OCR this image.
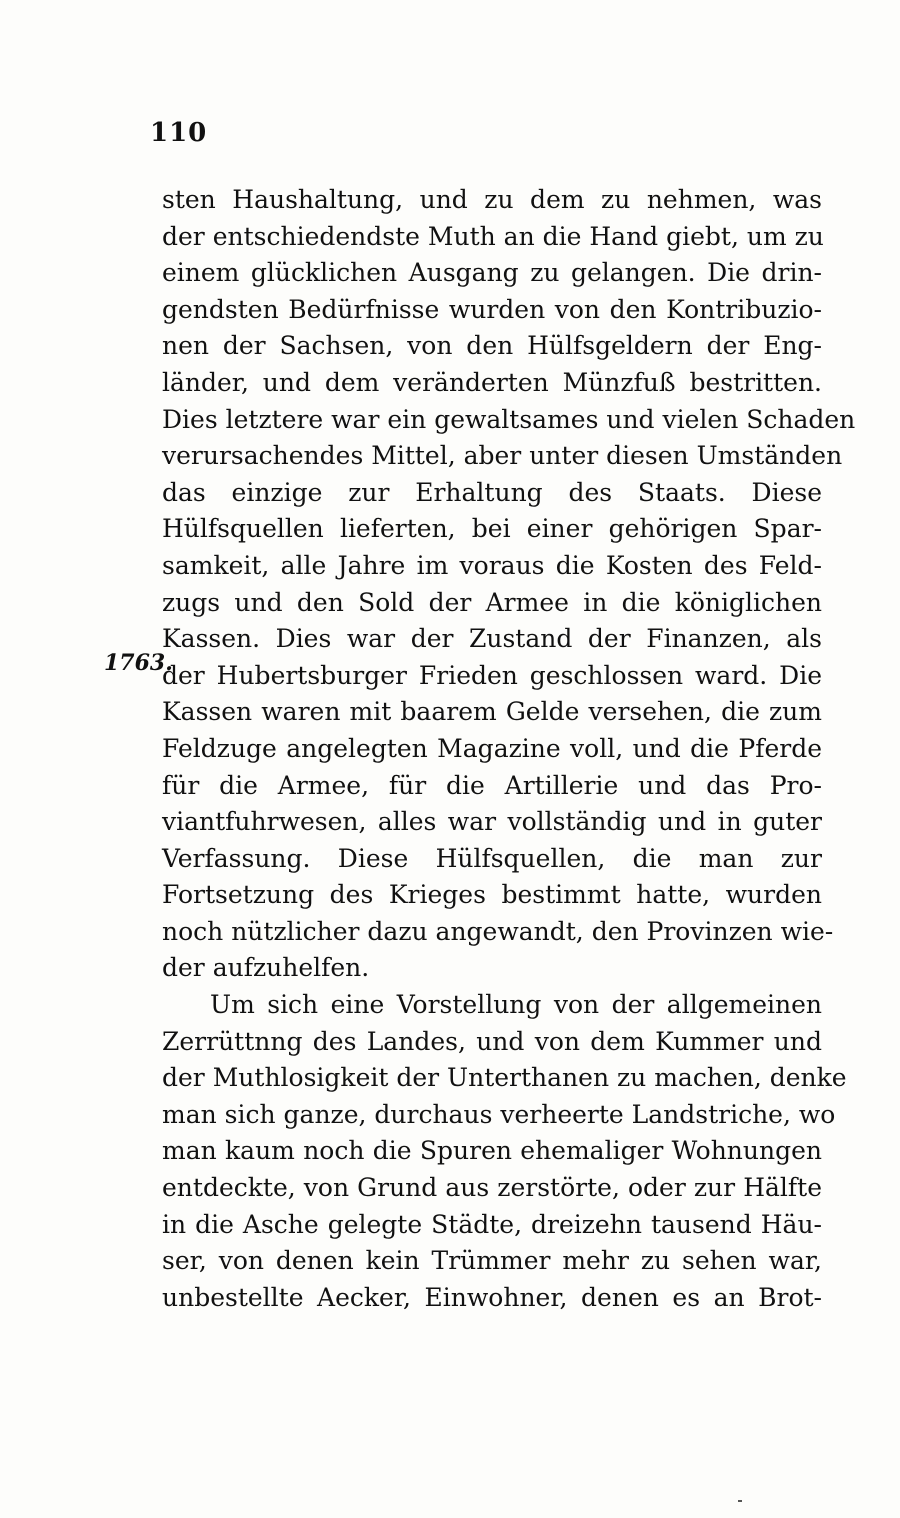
110
1763.
sten Haushaltung, und zu dem zu nehmen, was
der entschiedendste Muth an die Hand giebt, um zu
einem glücklichen Ausgang zu gelangen. Die drin-
gendsten Bedürfnisse wurden von den Kontribuzio-
nen der Sachsen, von den Hülfsgeldern der Eng-
länder, und dem veränderten Münzfuß bestritten.
Dies letztere war ein gewaltsames und vielen Schaden
verursachendes Mittel, aber unter diesen Umständen
das einzige zur Erhaltung des Staats. Diese
Hülfsquellen lieferten, bei einer gehörigen Spar-
samkeit, alle Jahre im voraus die Kosten des Feld-
zugs und den Sold der Armee in die königlichen
Kassen. Dies war der Zustand der Finanzen, als
der Hubertsburger Frieden geschlossen ward. Die
Kassen waren mit baarem Gelde versehen, die zum
Feldzuge angelegten Magazine voll, und die Pferde
für die Armee, für die Artillerie und das Pro-
viantfuhrwesen, alles war vollständig und in guter
Verfassung. Diese Hülfsquellen, die man zur
Fortsetzung des Krieges bestimmt hatte, wurden
noch nützlicher dazu angewandt, den Provinzen wie-
der aufzuhelfen.
Um sich eine Vorstellung von der allgemeinen
Zerrüttnng des Landes, und von dem Kummer und
der Muthlosigkeit der Unterthanen zu machen, denke
man sich ganze, durchaus verheerte Landstriche, wo
man kaum noch die Spuren ehemaliger Wohnungen
entdeckte, von Grund aus zerstörte, oder zur Hälfte
in die Asche gelegte Städte, dreizehn tausend Häu-
ser, von denen kein Trümmer mehr zu sehen war,
unbestellte Aecker, Einwohner, denen es an Brot-
